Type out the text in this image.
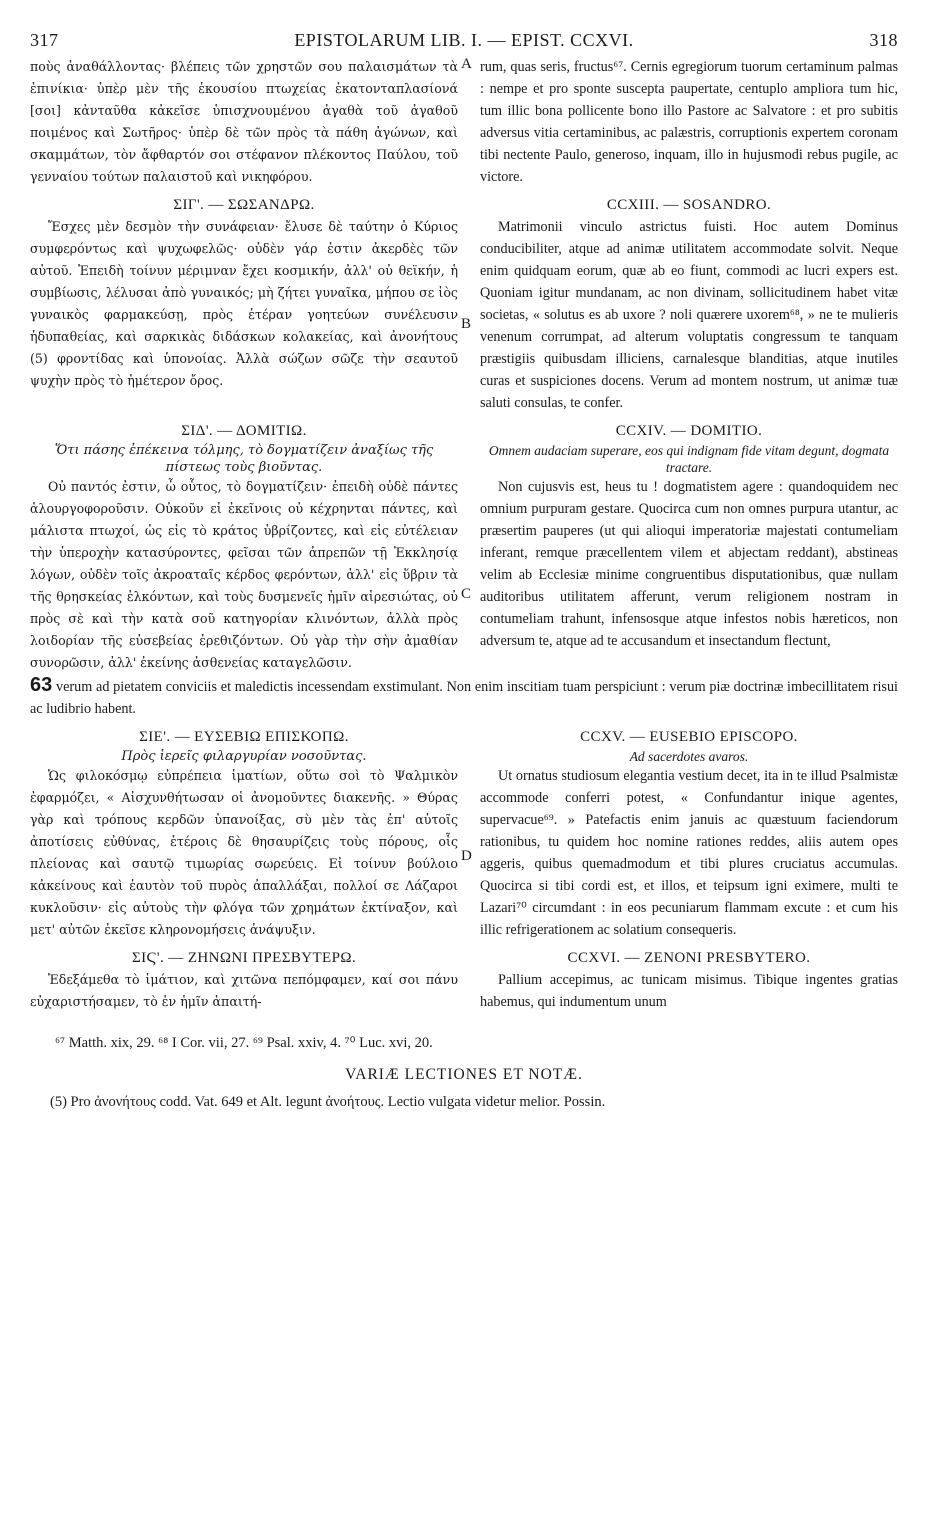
317	EPISTOLARUM LIB. I. — EPIST. CCXVI.	318

ποὺς ἀναθάλλοντας· βλέπεις τῶν χρηστῶν σου παλαισμάτων τὰ ἐπινίκια· ὑπὲρ μὲν τῆς ἑκουσίου πτωχείας ἑκατονταπλασίονά [σοι] κἀνταῦθα κἀκεῖσε ὑπισχνουμένου ἀγαθὰ τοῦ ἀγαθοῦ ποιμένος καὶ Σωτῆρος· ὑπὲρ δὲ τῶν πρὸς τὰ πάθη ἀγώνων, καὶ σκαμμάτων, τὸν ἄφθαρτόν σοι στέφανον πλέκοντος Παύλου, τοῦ γενναίου τούτων παλαιστοῦ καὶ νικηφόρου.

A rum, quas seris, fructus⁶⁷. Cernis egregiorum tuorum certaminum palmas : nempe et pro sponte susceptа paupertate, centuplo ampliora tum hic, tum illic bona pollicente bono illo Pastore ac Salvatore : et pro subitis adversus vitia certaminibus, ac palæstris, corruptionis expertem coronam tibi nectente Paulo, generoso, inquam, illo in hujusmodi rebus pugile, ac victore.

ΣΙΓ'. — ΣΩΣΑΝΔΡΩ.

Ἔσχες μὲν δεσμὸν τὴν συνάφειαν· ἔλυσε δὲ ταύτην ὁ Κύριος συμφερόντως καὶ ψυχωφελῶς· οὐδὲν γάρ ἐστιν ἀκερδὲς τῶν αὐτοῦ. Ἐπειδὴ τοίνυν μέριμναν ἔχει κοσμικήν, ἀλλ' οὐ θεϊκήν, ἡ συμβίωσις, λέλυσαι ἀπὸ γυναικός; μὴ ζήτει γυναῖκα, μήπου σε ἰὸς γυναικὸς φαρμακεύσῃ, πρὸς ἑτέραν γοητεύων συνέλευσιν ἡδυπαθείας, καὶ σαρκικὰς διδάσκων κολακείας, καὶ ἀνονήτους (5) φροντίδας καὶ ὑπονοίας. Ἀλλὰ σώζων σῶζε τὴν σεαυτοῦ ψυχὴν πρὸς τὸ ἡμέτερον ὄρος.

B
CCXIII. — SOSANDRO.

Matrimonii vinculo astrictus fuisti. Hoc autem Dominus conducibiliter, atque ad animæ utilitatem accommodate solvit. Neque enim quidquam eorum, quæ ab eo fiunt, commodi ac lucri expers est. Quoniam igitur mundanam, ac non divinam, sollicitudinem habet vitæ societas, « solutus es ab uxore ? noli quærere uxorem⁶⁸, » ne te mulieris venenum corrumpat, ad alterum voluptatis congressum te tanquam præstigiis quibusdam illiciens, carnalesque blanditias, atque inutiles curas et suspiciones docens. Verum ad montem nostrum, ut animæ tuæ saluti consulas, te confer.

ΣΙΔ'. — ΔΟΜΙΤΙΩ.
Ὅτι πάσης ἐπέκεινα τόλμης, τὸ δογματίζειν ἀναξίως τῆς πίστεως τοὺς βιοῦντας.

Οὐ παντός ἐστιν, ὦ οὗτος, τὸ δογματίζειν· ἐπειδὴ οὐδὲ πάντες ἁλουργοφοροῦσιν. Οὐκοῦν εἰ ἐκεῖνοις οὐ κέχρηνται πάντες, καὶ μάλιστα πτωχοί, ὡς εἰς τὸ κράτος ὑβρίζοντες, καὶ εἰς εὐτέλειαν τὴν ὑπεροχὴν κατασύροντες, φεῖσαι τῶν ἀπρεπῶν τῇ Ἐκκλησίᾳ λόγων, οὐδὲν τοῖς ἀκροαταῖς κέρδος φερόντων, ἀλλ' εἰς ὕβριν τὰ τῆς θρησκείας ἑλκόντων, καὶ τοὺς δυσμενεῖς ἡμῖν αἱρεσιώτας, οὐ πρὸς σὲ καὶ τὴν κατὰ σοῦ κατηγορίαν κλινόντων, ἀλλὰ πρὸς λοιδορίαν τῆς εὐσεβείας ἐρεθιζόντων. Οὐ γὰρ τὴν σὴν ἀμαθίαν συνορῶσιν, ἀλλ' ἐκείνης ἀσθενείας καταγελῶσιν.

C
CCXIV. — DOMITIO.
Omnem audaciam superare, eos qui indignam fide vitam degunt, dogmata tractare.

Non cujusvis est, heus tu ! dogmatistem agere : quandoquidem nec omnium purpuram gestare. Quocirca cum non omnes purpura utantur, ac præsertim pauperes (ut qui alioqui imperatoriæ majestati contumeliam inferant, remque præcellentem vilem et abjectam reddant), abstineas velim ab Ecclesiæ minime congruentibus disputationibus, quæ nullam auditoribus utilitatem afferunt, verum religionem nostram in contumeliam trahunt, infensosque atque infestos nobis hæreticos, non adversum te, atque ad te accusandum et insectandum flectunt,

63 verum ad pietatem conviciis et maledictis incessendam exstimulant. Non enim inscitiam tuam perspiciunt : verum piæ doctrinæ imbecillitatem risui ac ludibrio habent.
ΣΙΕ'. — ΕΥΣΕΒΙΩ ΕΠΙΣΚΟΠΩ.
Πρὸς ἱερεῖς φιλαργυρίαν νοσοῦντας.

Ὡς φιλοκόσμῳ εὐπρέπεια ἱματίων, οὕτω σοὶ τὸ Ψαλμικὸν ἐφαρμόζει, « Αἰσχυνθήτωσαν οἱ ἀνομοῦντες διακενῆς. » Θύρας γὰρ καὶ τρόπους κερδῶν ὑπανοίξας, σὺ μὲν τὰς ἐπ' αὐτοῖς ἀποτίσεις εὐθύνας, ἑτέροις δὲ θησαυρίζεις τοὺς πόρους, οἷς πλείονας καὶ σαυτῷ τιμωρίας σωρεύεις. Εἰ τοίνυν βούλοιο κἀκείνους καὶ ἑαυτὸν τοῦ πυρὸς ἀπαλλάξαι, πολλοί σε Λάζαροι κυκλοῦσιν· εἰς αὐτοὺς τὴν φλόγα τῶν χρημάτων ἐκτίναξον, καὶ μετ' αὐτῶν ἐκεῖσε κληρονομήσεις ἀνάψυξιν.

D
CCXV. — EUSEBIO EPISCOPO.
Ad sacerdotes avaros.

Ut ornatus studiosum elegantia vestium decet, ita in te illud Psalmistæ accommode conferri potest, « Confundantur inique agentes, supervacue⁶⁹. » Patefactis enim januis ac quæstuum faciendorum rationibus, tu quidem hoc nomine rationes reddes, aliis autem opes aggeris, quibus quemadmodum et tibi plures cruciatus accumulas. Quocirca si tibi cordi est, et illos, et teipsum igni eximere, multi te Lazari⁷⁰ circumdant : in eos pecuniarum flammam excute : et cum his illic refrigerationem ac solatium consequeris.

ΣΙϚ'. — ΖΗΝΩΝΙ ΠΡΕΣΒΥΤΕΡΩ.

Ἐδεξάμεθα τὸ ἱμάτιον, καὶ χιτῶνα πεπόμφαμεν, καί σοι πάνυ εὐχαριστήσαμεν, τὸ ἐν ἡμῖν ἀπαιτή-

CCXVI. — ZENONI PRESBYTERO.

Pallium accepimus, ac tunicam misimus. Tibique ingentes gratias habemus, qui indumentum unum

⁶⁷ Matth. xix, 29. ⁶⁸ I Cor. vii, 27. ⁶⁹ Psal. xxiv, 4. ⁷⁰ Luc. xvi, 20.
VARIÆ LECTIONES ET NOTÆ.
(5) Pro ἀνονήτους codd. Vat. 649 et Alt. legunt ἀνοήτους. Lectio vulgata videtur melior. Possin.
